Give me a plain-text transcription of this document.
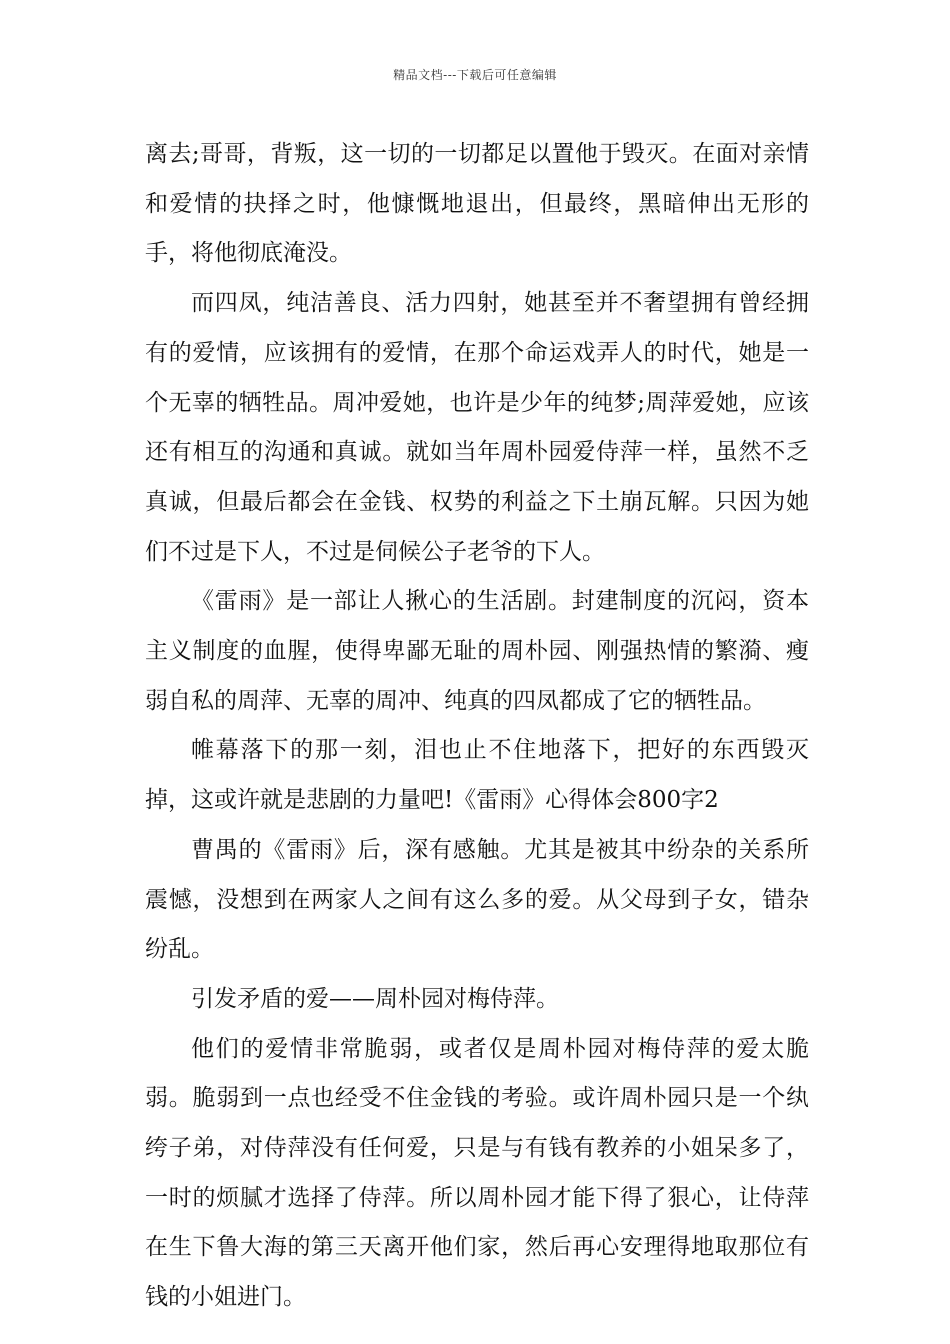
精品文档---下载后可任意编辑

离去;哥哥，背叛，这一切的一切都足以置他于毁灭。在面对亲情和爱情的抉择之时，他慷慨地退出，但最终，黑暗伸出无形的手，将他彻底淹没。

而四凤，纯洁善良、活力四射，她甚至并不奢望拥有曾经拥有的爱情，应该拥有的爱情，在那个命运戏弄人的时代，她是一个无辜的牺牲品。周冲爱她，也许是少年的纯梦;周萍爱她，应该还有相互的沟通和真诚。就如当年周朴园爱侍萍一样，虽然不乏真诚，但最后都会在金钱、权势的利益之下土崩瓦解。只因为她们不过是下人，不过是伺候公子老爷的下人。

《雷雨》是一部让人揪心的生活剧。封建制度的沉闷，资本主义制度的血腥，使得卑鄙无耻的周朴园、刚强热情的繁漪、瘦弱自私的周萍、无辜的周冲、纯真的四凤都成了它的牺牲品。

帷幕落下的那一刻，泪也止不住地落下，把好的东西毁灭掉，这或许就是悲剧的力量吧!《雷雨》心得体会800字2

曹禺的《雷雨》后，深有感触。尤其是被其中纷杂的关系所震憾，没想到在两家人之间有这么多的爱。从父母到子女，错杂纷乱。

引发矛盾的爱——周朴园对梅侍萍。

他们的爱情非常脆弱，或者仅是周朴园对梅侍萍的爱太脆弱。脆弱到一点也经受不住金钱的考验。或许周朴园只是一个纨绔子弟，对侍萍没有任何爱，只是与有钱有教养的小姐呆多了，一时的烦腻才选择了侍萍。所以周朴园才能下得了狠心，让侍萍在生下鲁大海的第三天离开他们家，然后再心安理得地取那位有钱的小姐进门。
